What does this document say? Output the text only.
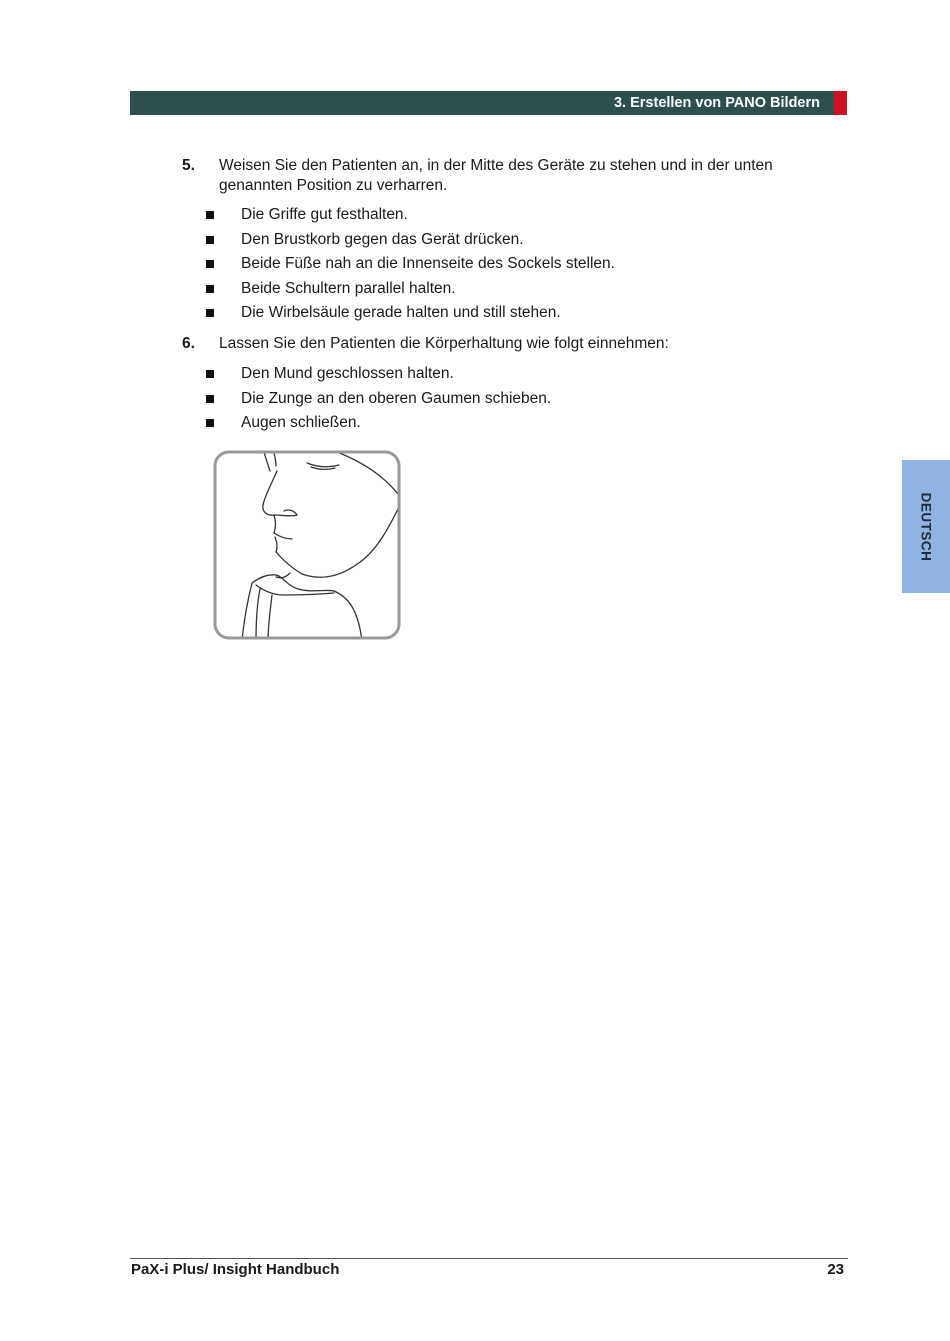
3. Erstellen von PANO Bildern
5. Weisen Sie den Patienten an, in der Mitte des Geräte zu stehen und in der unten genannten Position zu verharren.
Die Griffe gut festhalten.
Den Brustkorb gegen das Gerät drücken.
Beide Füße nah an die Innenseite des Sockels stellen.
Beide Schultern parallel halten.
Die Wirbelsäule gerade halten und still stehen.
6. Lassen Sie den Patienten die Körperhaltung wie folgt einnehmen:
Den Mund geschlossen halten.
Die Zunge an den oberen Gaumen schieben.
Augen schließen.
DEUTSCH
PaX-i Plus/ Insight Handbuch	23
